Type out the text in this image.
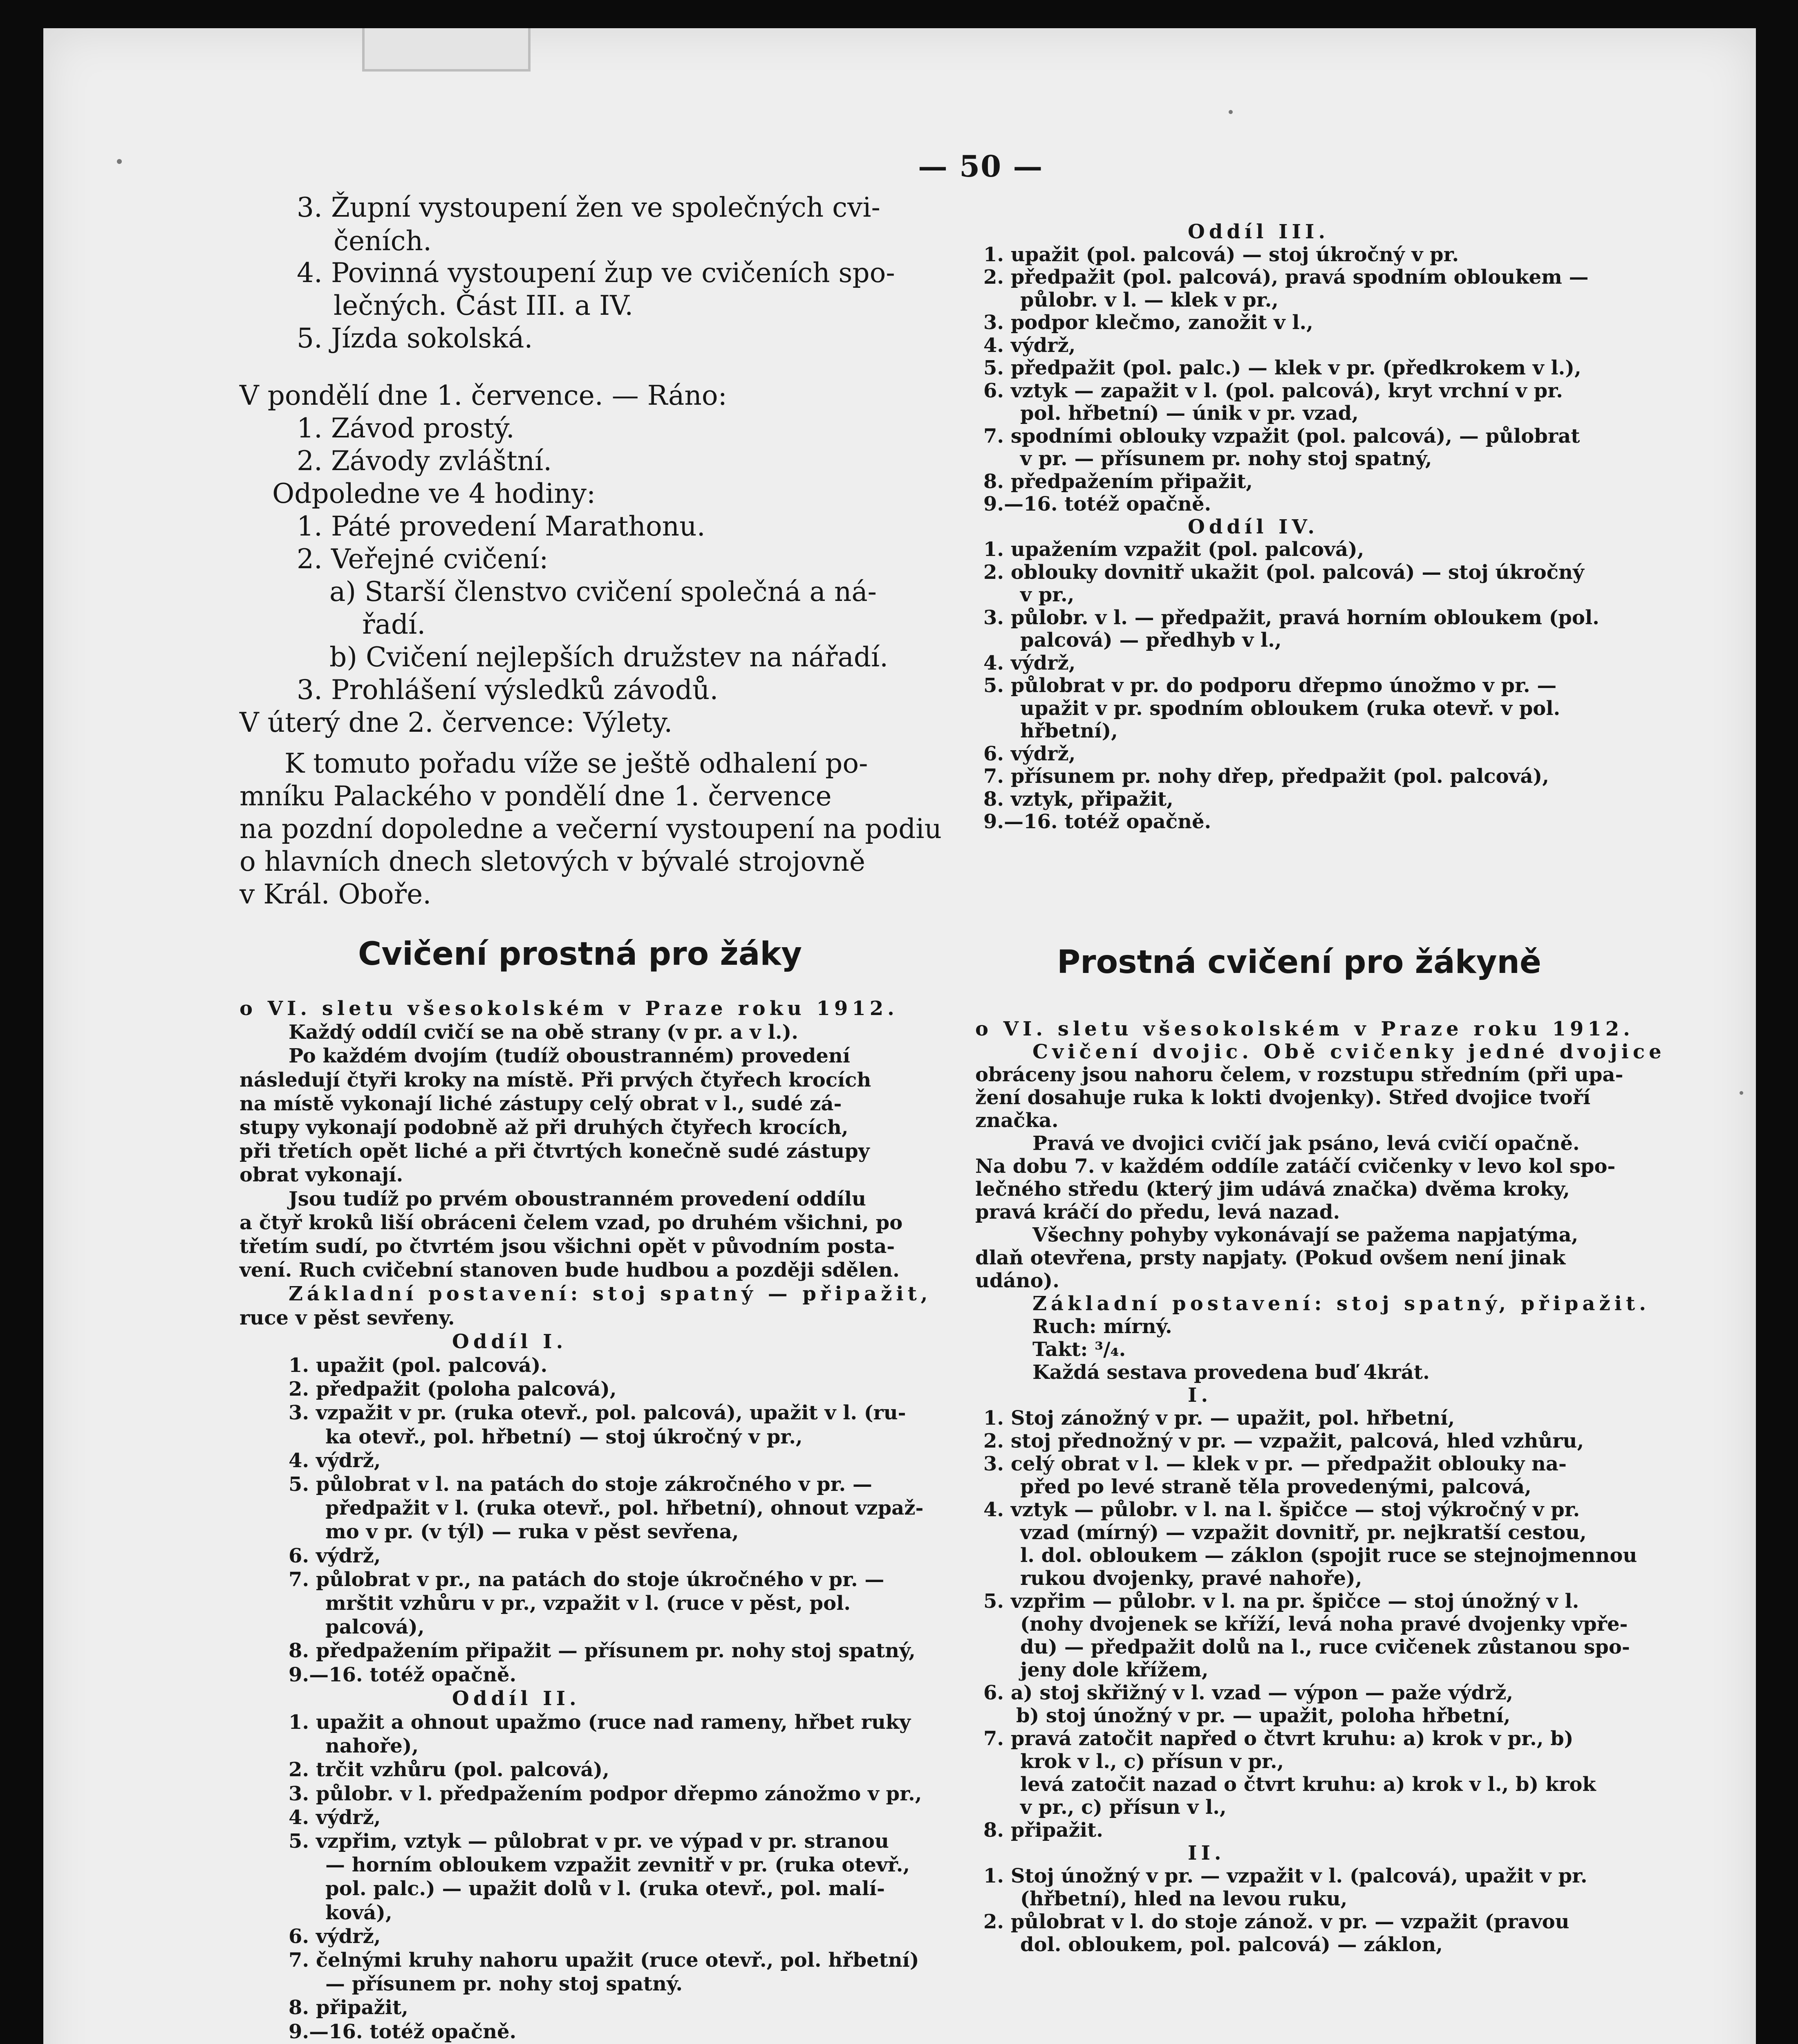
— 50 —
3. Župní vystoupení žen ve společných cvi-
čeních.
4. Povinná vystoupení žup ve cvičeních spo-
lečných. Část III. a IV.
5. Jízda sokolská.
V pondělí dne 1. července. — Ráno:
1. Závod prostý.
2. Závody zvláštní.
Odpoledne ve 4 hodiny:
1. Páté provedení Marathonu.
2. Veřejné cvičení:
a) Starší členstvo cvičení společná a ná-
řadí.
b) Cvičení nejlepších družstev na nářadí.
3. Prohlášení výsledků závodů.
V úterý dne 2. července: Výlety.
K tomuto pořadu víže se ještě odhalení po-
mníku Palackého v pondělí dne 1. července
na pozdní dopoledne a večerní vystoupení na podiu
o hlavních dnech sletových v bývalé strojovně
v Král. Oboře.
Cvičení prostná pro žáky
o VI. sletu všesokolském v Praze roku 1912.
Každý oddíl cvičí se na obě strany (v pr. a v l.).
Po každém dvojím (tudíž oboustranném) provedení
následují čtyři kroky na místě. Při prvých čtyřech krocích
na místě vykonají liché zástupy celý obrat v l., sudé zá-
stupy vykonají podobně až při druhých čtyřech krocích,
při třetích opět liché a při čtvrtých konečně sudé zástupy
obrat vykonají.
Jsou tudíž po prvém oboustranném provedení oddílu
a čtyř kroků liší obráceni čelem vzad, po druhém všichni, po
třetím sudí, po čtvrtém jsou všichni opět v původním posta-
vení. Ruch cvičební stanoven bude hudbou a později sdělen.
Základní postavení: stoj spatný — připažit,
ruce v pěst sevřeny.
Oddíl I.
1. upažit (pol. palcová).
2. předpažit (poloha palcová),
3. vzpažit v pr. (ruka otevř., pol. palcová), upažit v l. (ru-
ka otevř., pol. hřbetní) — stoj úkročný v pr.,
4. výdrž,
5. půlobrat v l. na patách do stoje zákročného v pr. —
předpažit v l. (ruka otevř., pol. hřbetní), ohnout vzpaž-
mo v pr. (v týl) — ruka v pěst sevřena,
6. výdrž,
7. půlobrat v pr., na patách do stoje úkročného v pr. —
mrštit vzhůru v pr., vzpažit v l. (ruce v pěst, pol.
palcová),
8. předpažením připažit — přísunem pr. nohy stoj spatný,
9.—16. totéž opačně.
Oddíl II.
1. upažit a ohnout upažmo (ruce nad rameny, hřbet ruky
nahoře),
2. trčit vzhůru (pol. palcová),
3. půlobr. v l. předpažením podpor dřepmo zánožmo v pr.,
4. výdrž,
5. vzpřim, vztyk — půlobrat v pr. ve výpad v pr. stranou
— horním obloukem vzpažit zevnitř v pr. (ruka otevř.,
pol. palc.) — upažit dolů v l. (ruka otevř., pol. malí-
ková),
6. výdrž,
7. čelnými kruhy nahoru upažit (ruce otevř., pol. hřbetní)
— přísunem pr. nohy stoj spatný.
8. připažit,
9.—16. totéž opačně.
Oddíl III.
1. upažit (pol. palcová) — stoj úkročný v pr.
2. předpažit (pol. palcová), pravá spodním obloukem —
půlobr. v l. — klek v pr.,
3. podpor klečmo, zanožit v l.,
4. výdrž,
5. předpažit (pol. palc.) — klek v pr. (předkrokem v l.),
6. vztyk — zapažit v l. (pol. palcová), kryt vrchní v pr.
pol. hřbetní) — únik v pr. vzad,
7. spodními oblouky vzpažit (pol. palcová), — půlobrat
v pr. — přísunem pr. nohy stoj spatný,
8. předpažením připažit,
9.—16. totéž opačně.
Oddíl IV.
1. upažením vzpažit (pol. palcová),
2. oblouky dovnitř ukažit (pol. palcová) — stoj úkročný
v pr.,
3. půlobr. v l. — předpažit, pravá horním obloukem (pol.
palcová) — předhyb v l.,
4. výdrž,
5. půlobrat v pr. do podporu dřepmo únožmo v pr. —
upažit v pr. spodním obloukem (ruka otevř. v pol.
hřbetní),
6. výdrž,
7. přísunem pr. nohy dřep, předpažit (pol. palcová),
8. vztyk, připažit,
9.—16. totéž opačně.
Prostná cvičení pro žákyně
o VI. sletu všesokolském v Praze roku 1912.
Cvičení dvojic. Obě cvičenky jedné dvojice
obráceny jsou nahoru čelem, v rozstupu středním (při upa-
žení dosahuje ruka k lokti dvojenky). Střed dvojice tvoří
značka.
Pravá ve dvojici cvičí jak psáno, levá cvičí opačně.
Na dobu 7. v každém oddíle zatáčí cvičenky v levo kol spo-
lečného středu (který jim udává značka) dvěma kroky,
pravá kráčí do předu, levá nazad.
Všechny pohyby vykonávají se pažema napjatýma,
dlaň otevřena, prsty napjaty. (Pokud ovšem není jinak
udáno).
Základní postavení: stoj spatný, připažit.
Ruch: mírný.
Takt: ³/₄.
Každá sestava provedena buď 4krát.
I.
1. Stoj zánožný v pr. — upažit, pol. hřbetní,
2. stoj přednožný v pr. — vzpažit, palcová, hled vzhůru,
3. celý obrat v l. — klek v pr. — předpažit oblouky na-
před po levé straně těla provedenými, palcová,
4. vztyk — půlobr. v l. na l. špičce — stoj výkročný v pr.
vzad (mírný) — vzpažit dovnitř, pr. nejkratší cestou,
l. dol. obloukem — záklon (spojit ruce se stejnojmennou
rukou dvojenky, pravé nahoře),
5. vzpřim — půlobr. v l. na pr. špičce — stoj únožný v l.
(nohy dvojenek se kříží, levá noha pravé dvojenky vpře-
du) — předpažit dolů na l., ruce cvičenek zůstanou spo-
jeny dole křížem,
6. a) stoj skřižný v l. vzad — výpon — paže výdrž,
b) stoj únožný v pr. — upažit, poloha hřbetní,
7. pravá zatočit napřed o čtvrt kruhu: a) krok v pr., b)
krok v l., c) přísun v pr.,
levá zatočit nazad o čtvrt kruhu: a) krok v l., b) krok
v pr., c) přísun v l.,
8. připažit.
II.
1. Stoj únožný v pr. — vzpažit v l. (palcová), upažit v pr.
(hřbetní), hled na levou ruku,
2. půlobrat v l. do stoje zánož. v pr. — vzpažit (pravou
dol. obloukem, pol. palcová) — záklon,
